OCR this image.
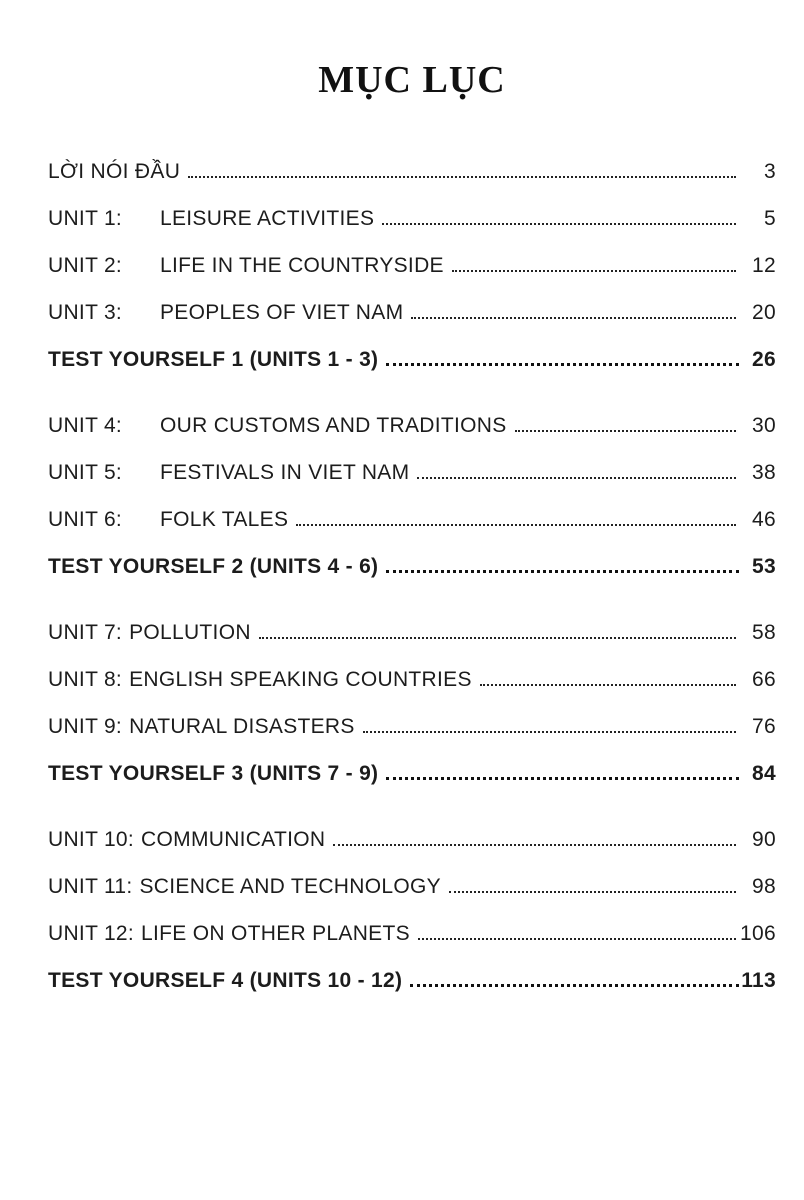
MỤC LỤC
LỜI NÓI ĐẦU	3
UNIT 1:	LEISURE ACTIVITIES	5
UNIT 2:	LIFE IN THE COUNTRYSIDE	12
UNIT 3:	PEOPLES OF VIET NAM	20
TEST YOURSELF 1 (UNITS 1 - 3)	26
UNIT 4:	OUR CUSTOMS AND TRADITIONS	30
UNIT 5:	FESTIVALS IN VIET NAM	38
UNIT 6:	FOLK TALES	46
TEST YOURSELF 2 (UNITS 4 - 6)	53
UNIT 7: POLLUTION	58
UNIT 8: ENGLISH SPEAKING COUNTRIES	66
UNIT 9: NATURAL DISASTERS	76
TEST YOURSELF 3 (UNITS 7 - 9)	84
UNIT 10: COMMUNICATION	90
UNIT 11: SCIENCE AND TECHNOLOGY	98
UNIT 12: LIFE ON OTHER PLANETS	106
TEST YOURSELF 4 (UNITS 10 - 12)	113
